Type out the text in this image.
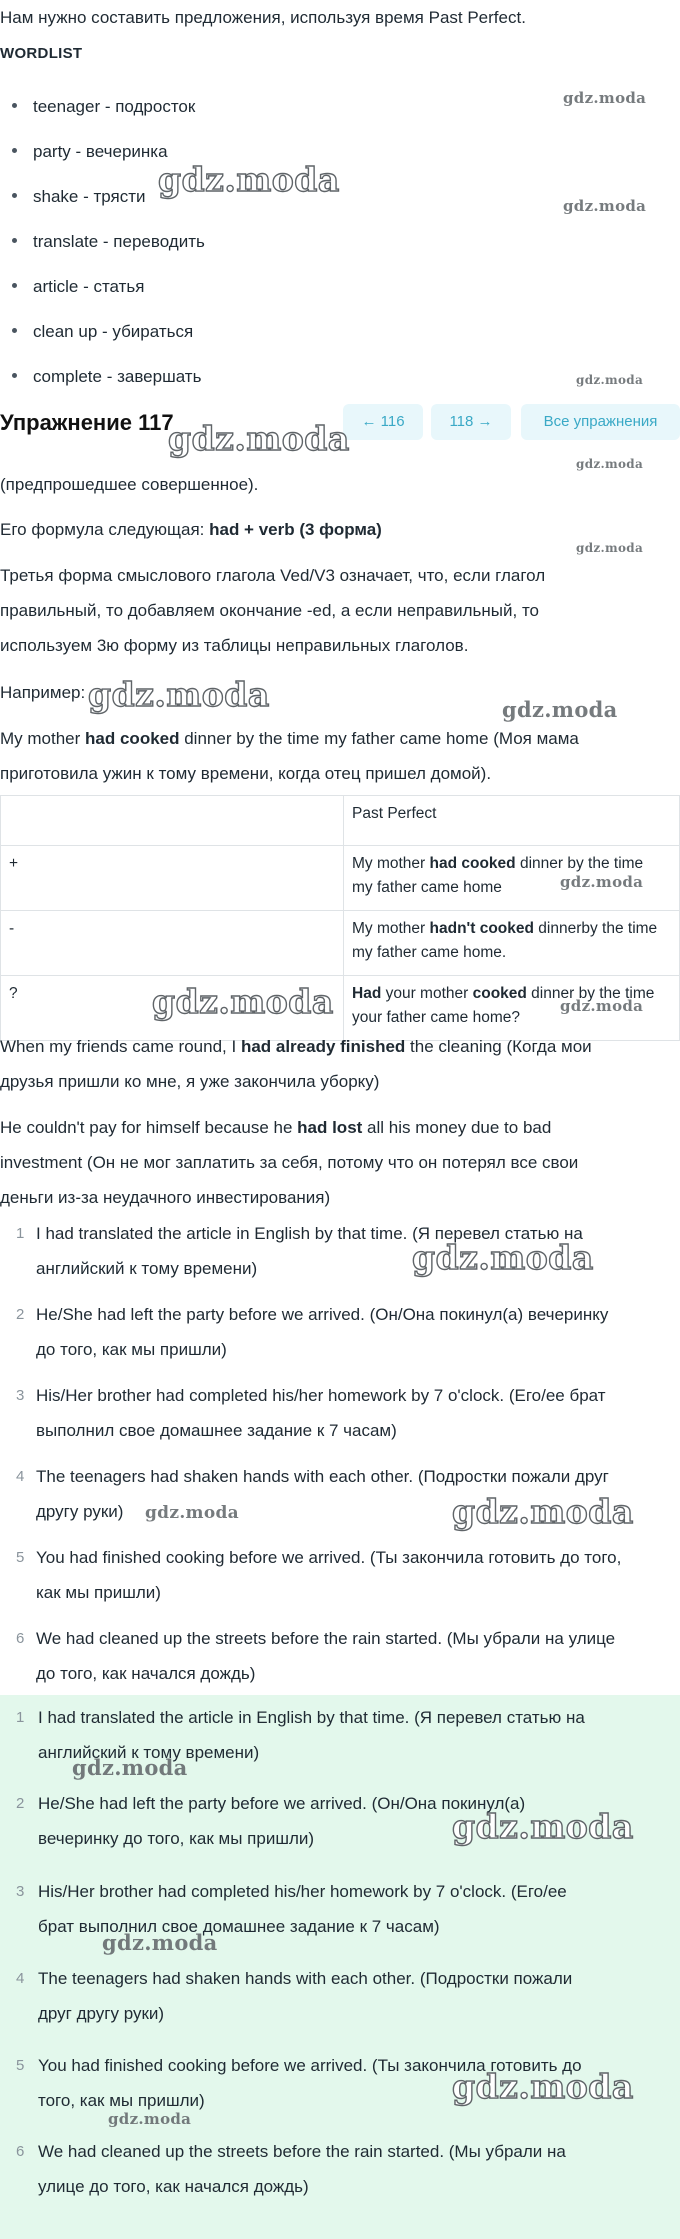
Нам нужно составить предложения, используя время Past Perfect.
WORDLIST
teenager - подросток
party - вечеринка
shake - трясти
translate - переводить
article - статья
clean up - убираться
complete - завершать
Упражнение 117	← 116	118 →	Все упражнения
(предпрошедшее совершенное).
Его формула следующая: had + verb (3 форма)
Третья форма смыслового глагола Ved/V3 означает, что, если глагол
правильный, то добавляем окончание -ed, а если неправильный, то
используем 3ю форму из таблицы неправильных глаголов.
Например:
My mother had cooked dinner by the time my father came home (Моя мама
приготовила ужин к тому времени, когда отец пришел домой).
	Past Perfect
+	My mother had cooked dinner by the time
my father came home
-	My mother hadn't cooked dinnerby the time
my father came home.
?	Had your mother cooked dinner by the time
your father came home?
When my friends came round, I had already finished the cleaning (Когда мои
друзья пришли ко мне, я уже закончила уборку)
He couldn't pay for himself because he had lost all his money due to bad
investment (Он не мог заплатить за себя, потому что он потерял все свои
деньги из-за неудачного инвестирования)
1 I had translated the article in English by that time. (Я перевел статью на
английский к тому времени)
2 He/She had left the party before we arrived. (Он/Она покинул(а) вечеринку
до того, как мы пришли)
3 His/Her brother had completed his/her homework by 7 o'clock. (Его/ее брат
выполнил свое домашнее задание к 7 часам)
4 The teenagers had shaken hands with each other. (Подростки пожали друг
другу руки)
5 You had finished cooking before we arrived. (Ты закончила готовить до того,
как мы пришли)
6 We had cleaned up the streets before the rain started. (Мы убрали на улице
до того, как начался дождь)
1 I had translated the article in English by that time. (Я перевел статью на
английский к тому времени)
2 He/She had left the party before we arrived. (Он/Она покинул(а)
вечеринку до того, как мы пришли)
3 His/Her brother had completed his/her homework by 7 o'clock. (Его/ее
брат выполнил свое домашнее задание к 7 часам)
4 The teenagers had shaken hands with each other. (Подростки пожали
друг другу руки)
5 You had finished cooking before we arrived. (Ты закончила готовить до
того, как мы пришли)
6 We had cleaned up the streets before the rain started. (Мы убрали на
улице до того, как начался дождь)
gdz.moda
gdz.moda
gdz.moda
gdz.moda
gdz.moda
gdz.moda
gdz.moda
gdz.moda	gdz.moda
gdz.moda
gdz.moda	gdz.moda
gdz.moda
gdz.moda	gdz.moda
gdz.moda
gdz.moda
gdz.moda
gdz.moda
gdz.moda
